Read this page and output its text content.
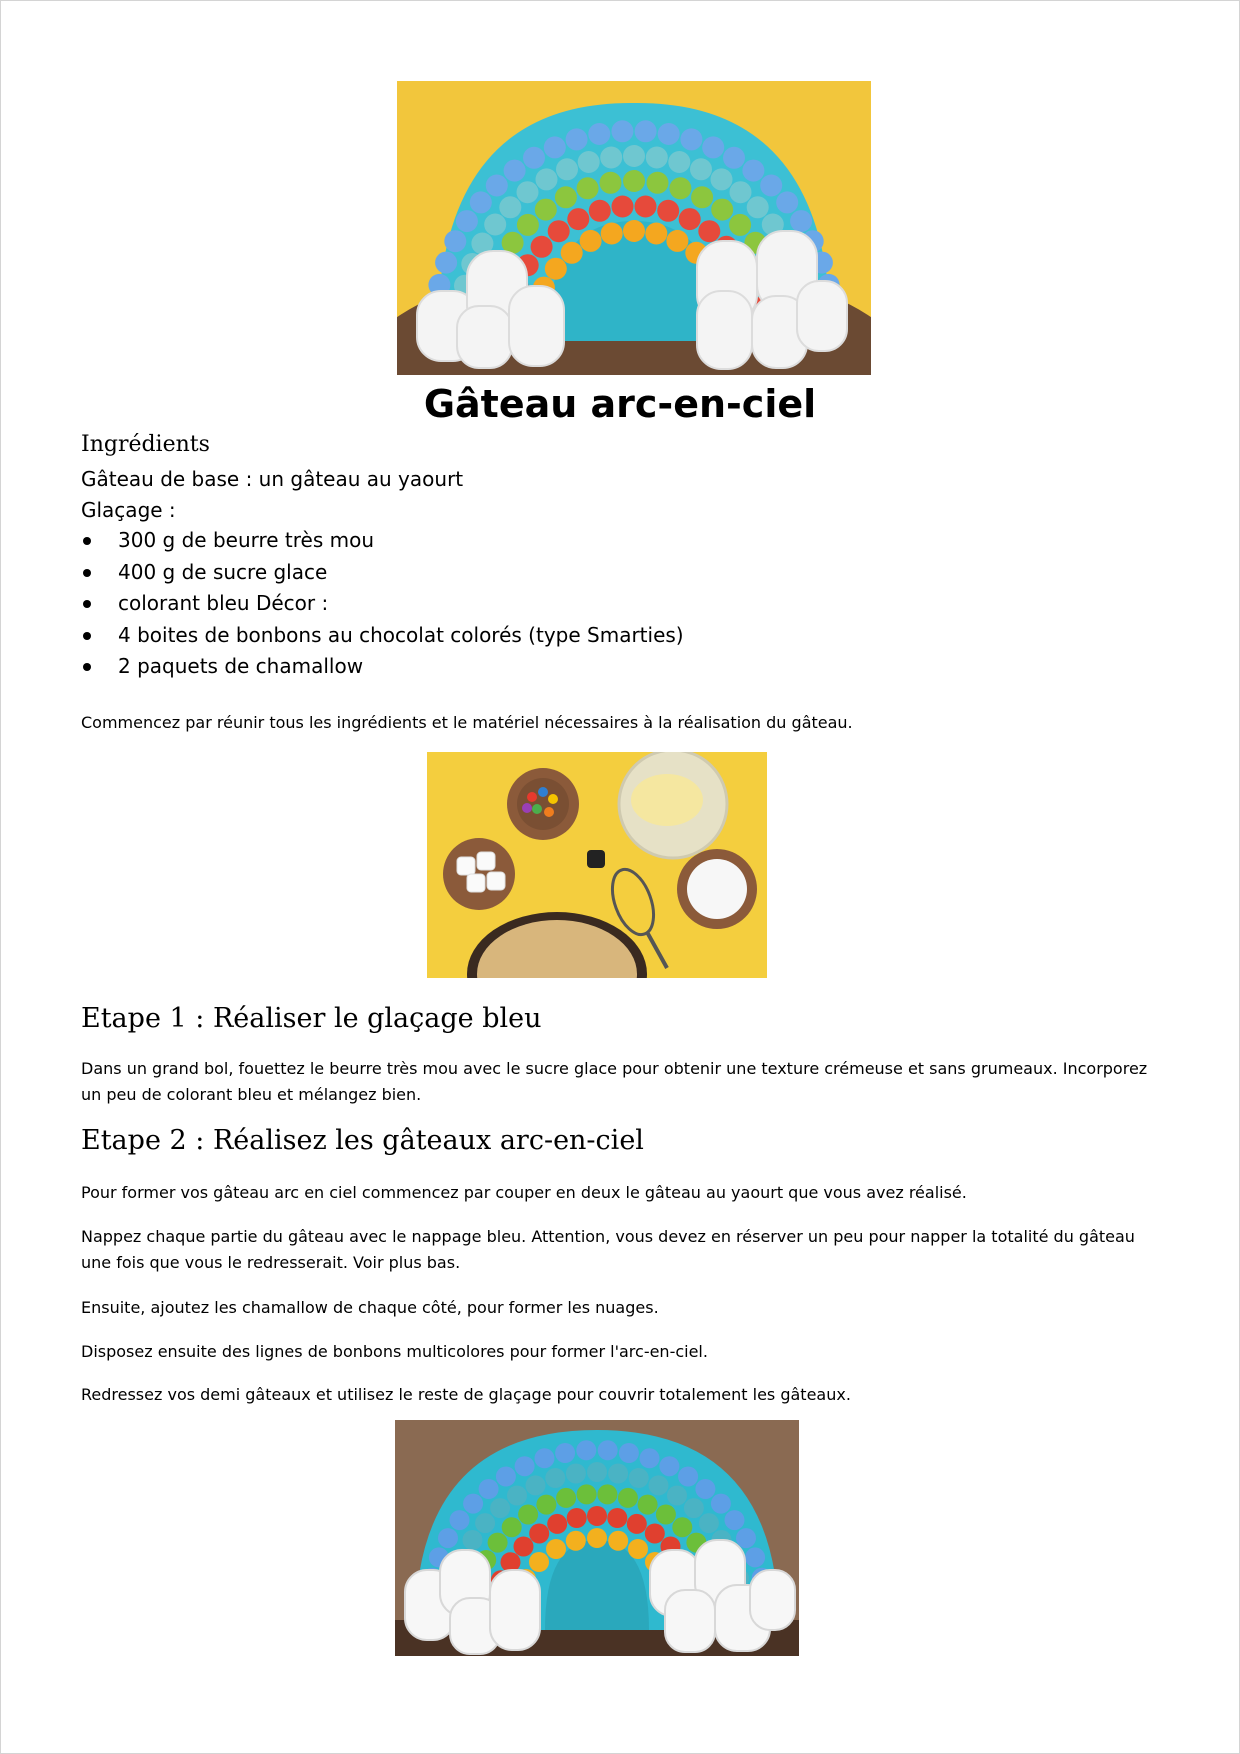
Gâteau arc-en-ciel
Ingrédients
Gâteau de base : un gâteau au yaourt
Glaçage :
300 g de beurre très mou
400 g de sucre glace
colorant bleu Décor :
4 boites de bonbons au chocolat colorés (type Smarties)
2 paquets de chamallow
Commencez par réunir tous les ingrédients et le matériel nécessaires à la réalisation du gâteau.
Etape 1 : Réaliser le glaçage bleu

Dans un grand bol, fouettez le beurre très mou avec le sucre glace pour obtenir une texture crémeuse et sans grumeaux. Incorporez un peu de colorant bleu et mélangez bien.

Etape 2 : Réalisez les gâteaux arc-en-ciel

Pour former vos gâteau arc en ciel commencez par couper en deux le gâteau au yaourt que vous avez réalisé.

Nappez chaque partie du gâteau avec le nappage bleu. Attention, vous devez en réserver un peu pour napper la totalité du gâteau une fois que vous le redresserait. Voir plus bas.

Ensuite, ajoutez les chamallow de chaque côté, pour former les nuages.

Disposez ensuite des lignes de bonbons multicolores pour former l'arc-en-ciel.

Redressez vos demi gâteaux et utilisez le reste de glaçage pour couvrir totalement les gâteaux.
